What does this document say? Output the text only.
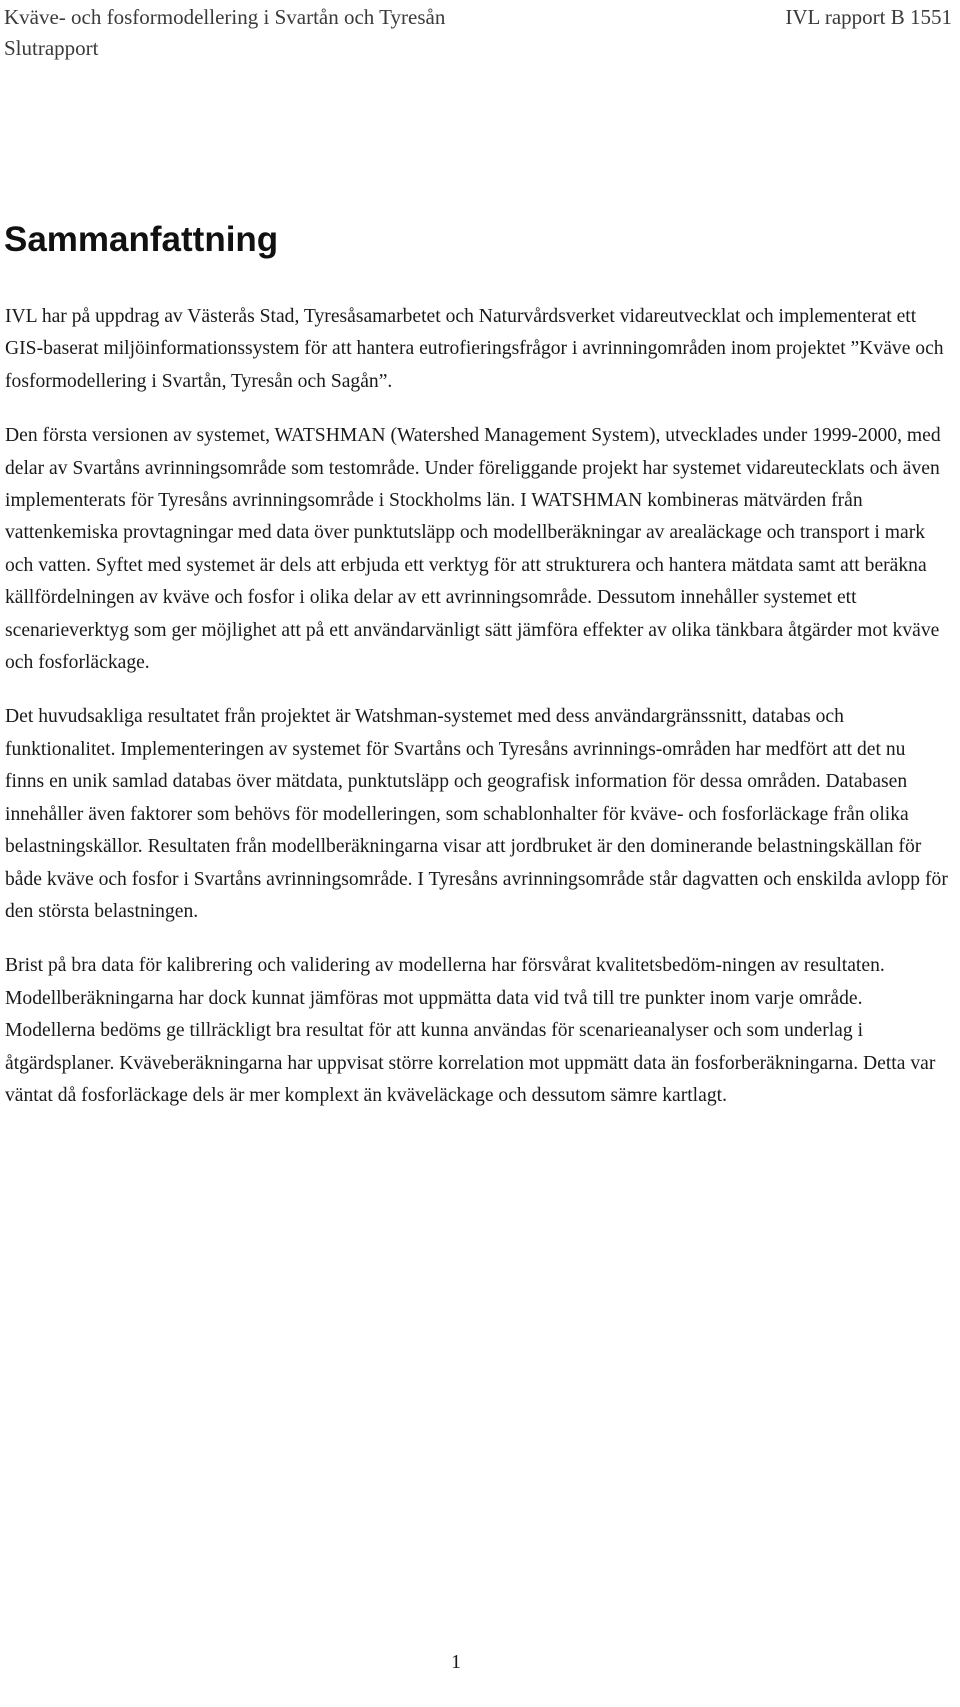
Kväve- och fosformodellering i Svartån och Tyresån	IVL rapport B 1551
Slutrapport
Sammanfattning

IVL har på uppdrag av Västerås Stad, Tyresåsamarbetet och Naturvårdsverket vidareutvecklat och implementerat ett GIS-baserat miljöinformationssystem för att hantera eutrofieringsfrågor i avrinningområden inom projektet ”Kväve och fosformodellering i Svartån, Tyresån och Sagån”.

Den första versionen av systemet, WATSHMAN (Watershed Management System), utvecklades under 1999-2000, med delar av Svartåns avrinningsområde som testområde. Under föreliggande projekt har systemet vidareutecklats och även implementerats för Tyresåns avrinningsområde i Stockholms län. I WATSHMAN kombineras mätvärden från vattenkemiska provtagningar med data över punktutsläpp och modellberäkningar av arealäckage och transport i mark och vatten. Syftet med systemet är dels att erbjuda ett verktyg för att strukturera och hantera mätdata samt att beräkna källfördelningen av kväve och fosfor i olika delar av ett avrinningsområde. Dessutom innehåller systemet ett scenarieverktyg som ger möjlighet att på ett användarvänligt sätt jämföra effekter av olika tänkbara åtgärder mot kväve och fosforläckage.

Det huvudsakliga resultatet från projektet är Watshman-systemet med dess användargränssnitt, databas och funktionalitet. Implementeringen av systemet för Svartåns och Tyresåns avrinnings-områden har medfört att det nu finns en unik samlad databas över mätdata, punktutsläpp och geografisk information för dessa områden. Databasen innehåller även faktorer som behövs för modelleringen, som schablonhalter för kväve- och fosforläckage från olika belastningskällor. Resultaten från modellberäkningarna visar att jordbruket är den dominerande belastningskällan för både kväve och fosfor i Svartåns avrinningsområde. I Tyresåns avrinningsområde står dagvatten och enskilda avlopp för den största belastningen.

Brist på bra data för kalibrering och validering av modellerna har försvårat kvalitetsbedöm-ningen av resultaten. Modellberäkningarna har dock kunnat jämföras mot uppmätta data vid två till tre punkter inom varje område. Modellerna bedöms ge tillräckligt bra resultat för att kunna användas för scenarieanalyser och som underlag i åtgärdsplaner. Kväveberäkningarna har uppvisat större korrelation mot uppmätt data än fosforberäkningarna. Detta var väntat då fosforläckage dels är mer komplext än kväveläckage och dessutom sämre kartlagt.

1
